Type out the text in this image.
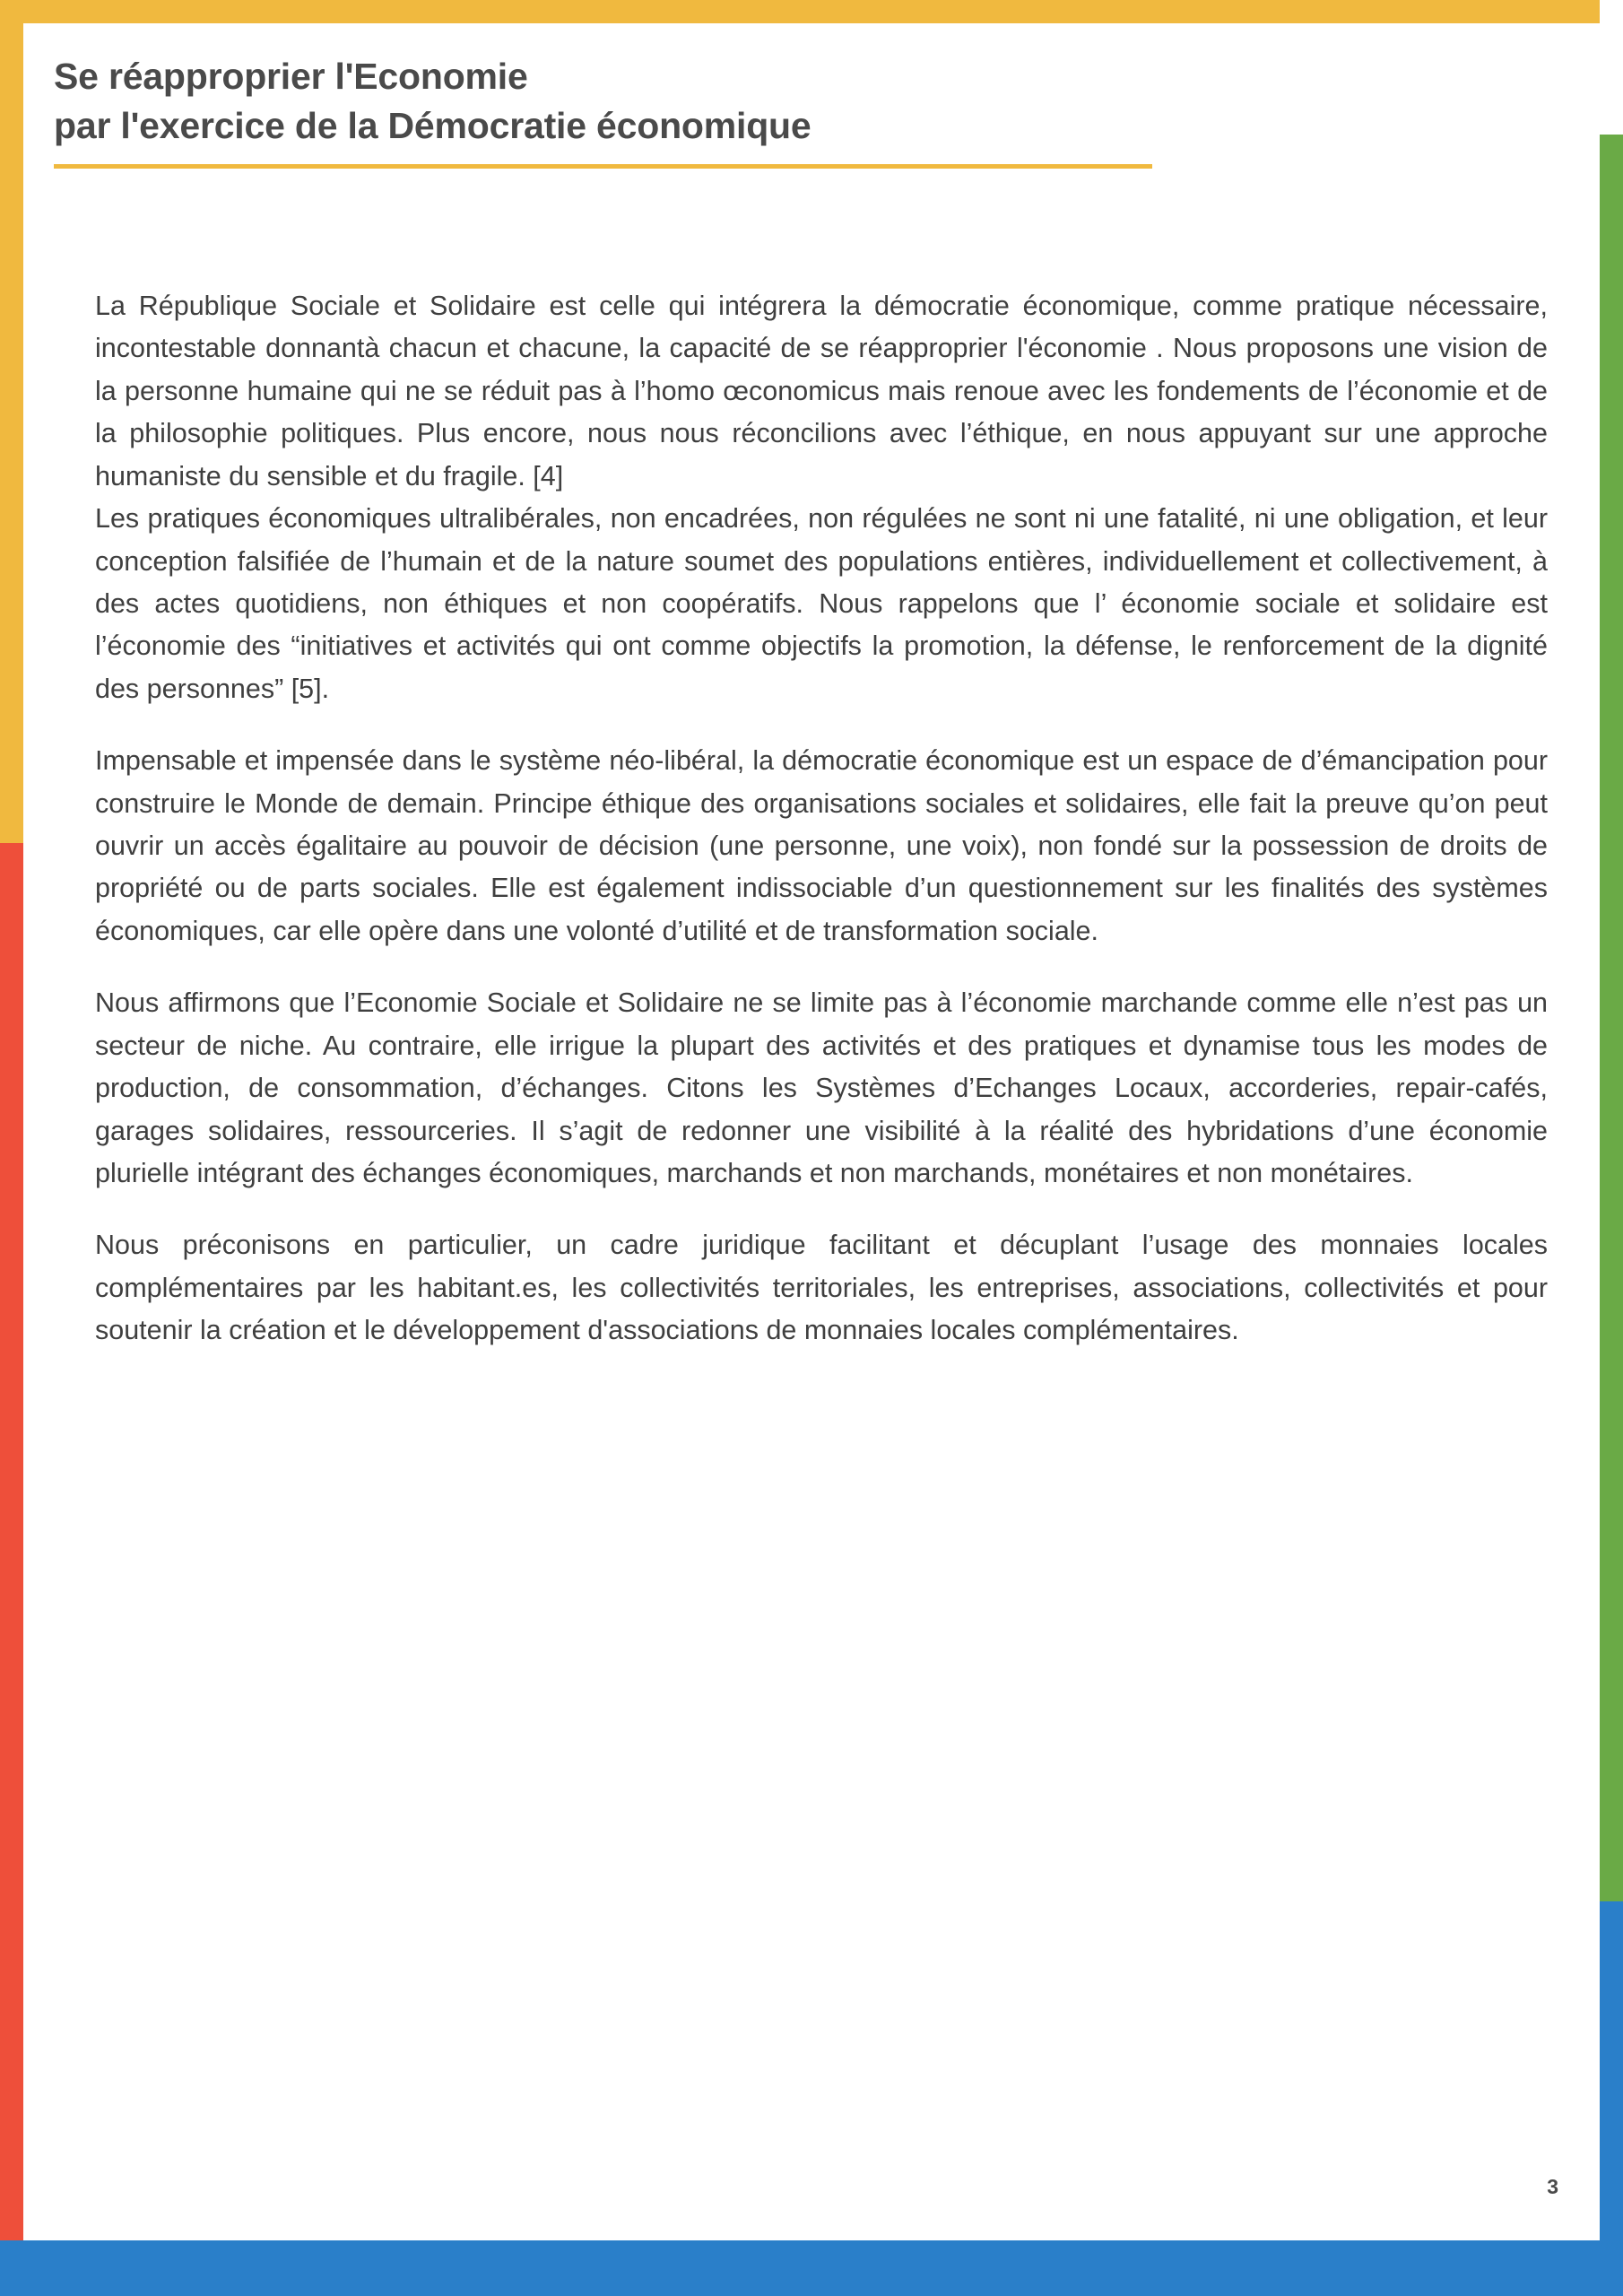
Se réapproprier l'Economie
par l'exercice de la Démocratie économique

La République Sociale et Solidaire est celle qui intégrera la démocratie économique, comme pratique nécessaire, incontestable donnantà chacun et chacune, la capacité de se réapproprier l'économie . Nous proposons une vision de la personne humaine qui ne se réduit pas à l’homo œconomicus mais renoue avec les fondements de l’économie et de la philosophie politiques. Plus encore, nous nous réconcilions avec l’éthique, en nous appuyant sur une approche humaniste du sensible et du fragile. [4]

Les pratiques économiques ultralibérales, non encadrées, non régulées ne sont ni une fatalité, ni une obligation, et leur conception falsifiée de l’humain et de la nature soumet des populations entières, individuellement et collectivement, à des actes quotidiens, non éthiques et non coopératifs. Nous rappelons que l’ économie sociale et solidaire est l’économie des “initiatives et activités qui ont comme objectifs la promotion, la défense, le renforcement de la dignité des personnes” [5].

Impensable et impensée dans le système néo-libéral, la démocratie économique est un espace de d’émancipation pour construire le Monde de demain. Principe éthique des organisations sociales et solidaires, elle fait la preuve qu’on peut ouvrir un accès égalitaire au pouvoir de décision (une personne, une voix), non fondé sur la possession de droits de propriété ou de parts sociales. Elle est également indissociable d’un questionnement sur les finalités des systèmes économiques, car elle opère dans une volonté d’utilité et de transformation sociale.

Nous affirmons que l’Economie Sociale et Solidaire ne se limite pas à l’économie marchande comme elle n’est pas un secteur de niche. Au contraire, elle irrigue la plupart des activités et des pratiques et dynamise tous les modes de production, de consommation, d’échanges. Citons les Systèmes d’Echanges Locaux, accorderies, repair-cafés, garages solidaires, ressourceries. Il s’agit de redonner une visibilité à la réalité des hybridations d’une économie plurielle intégrant des échanges économiques, marchands et non marchands, monétaires et non monétaires.

Nous préconisons en particulier, un cadre juridique facilitant et décuplant l’usage des monnaies locales complémentaires par les habitant.es, les collectivités territoriales, les entreprises, associations, collectivités et pour soutenir la création et le développement d'associations de monnaies locales complémentaires.

3
